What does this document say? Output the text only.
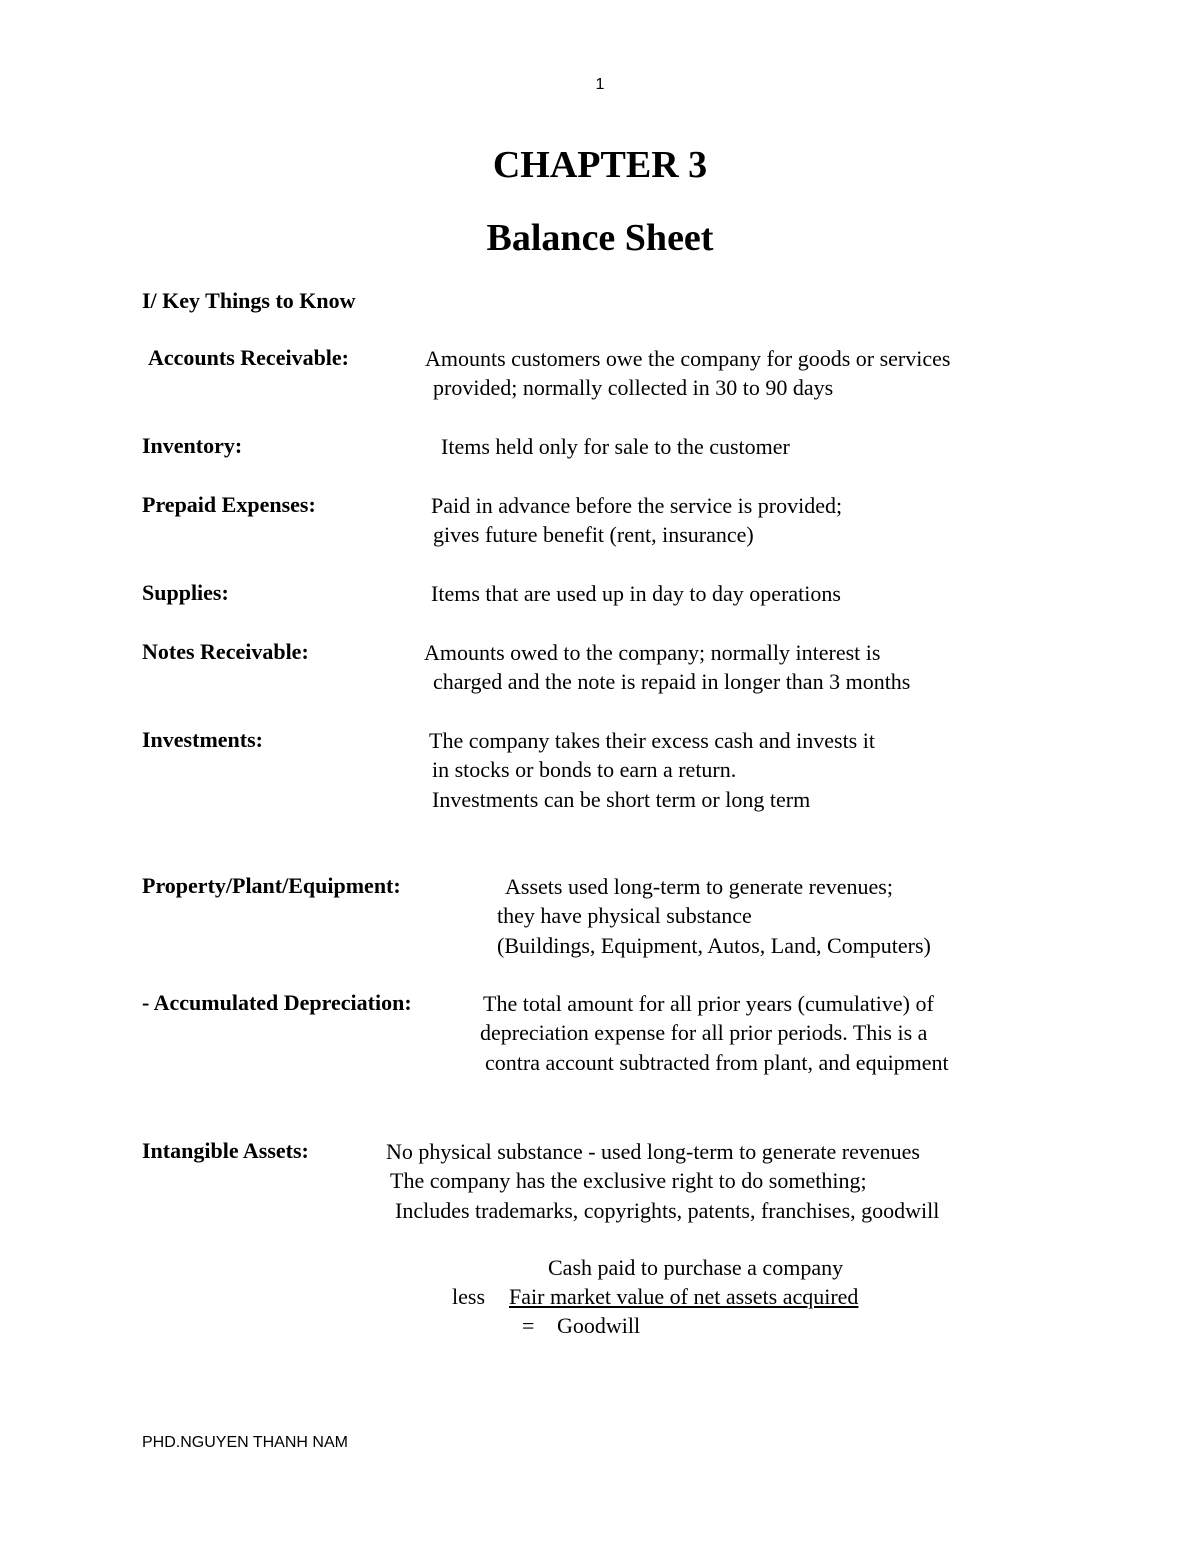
1
CHAPTER 3
Balance Sheet
I/ Key Things to Know
Accounts Receivable:	Amounts customers owe the company for goods or services
provided; normally collected in 30 to 90 days
Inventory:	Items held only for sale to the customer
Prepaid Expenses:	Paid in advance before the service is provided;
gives future benefit (rent, insurance)
Supplies:	Items that are used up in day to day operations
Notes Receivable:	Amounts owed to the company; normally interest is
charged and the note is repaid in longer than 3 months
Investments:	The company takes their excess cash and invests it
in stocks or bonds to earn a return.
Investments can be short term or long term
Property/Plant/Equipment:	Assets used long-term to generate revenues;
they have physical substance
(Buildings, Equipment, Autos, Land, Computers)
- Accumulated Depreciation:	The total amount for all prior years (cumulative) of
depreciation expense for all prior periods. This is a
contra account subtracted from plant, and equipment
Intangible Assets:	No physical substance - used long-term to generate revenues
The company has the exclusive right to do something;
Includes trademarks, copyrights, patents, franchises, goodwill
Cash paid to purchase a company
less Fair market value of net assets acquired
= Goodwill
PHD.NGUYEN THANH NAM
